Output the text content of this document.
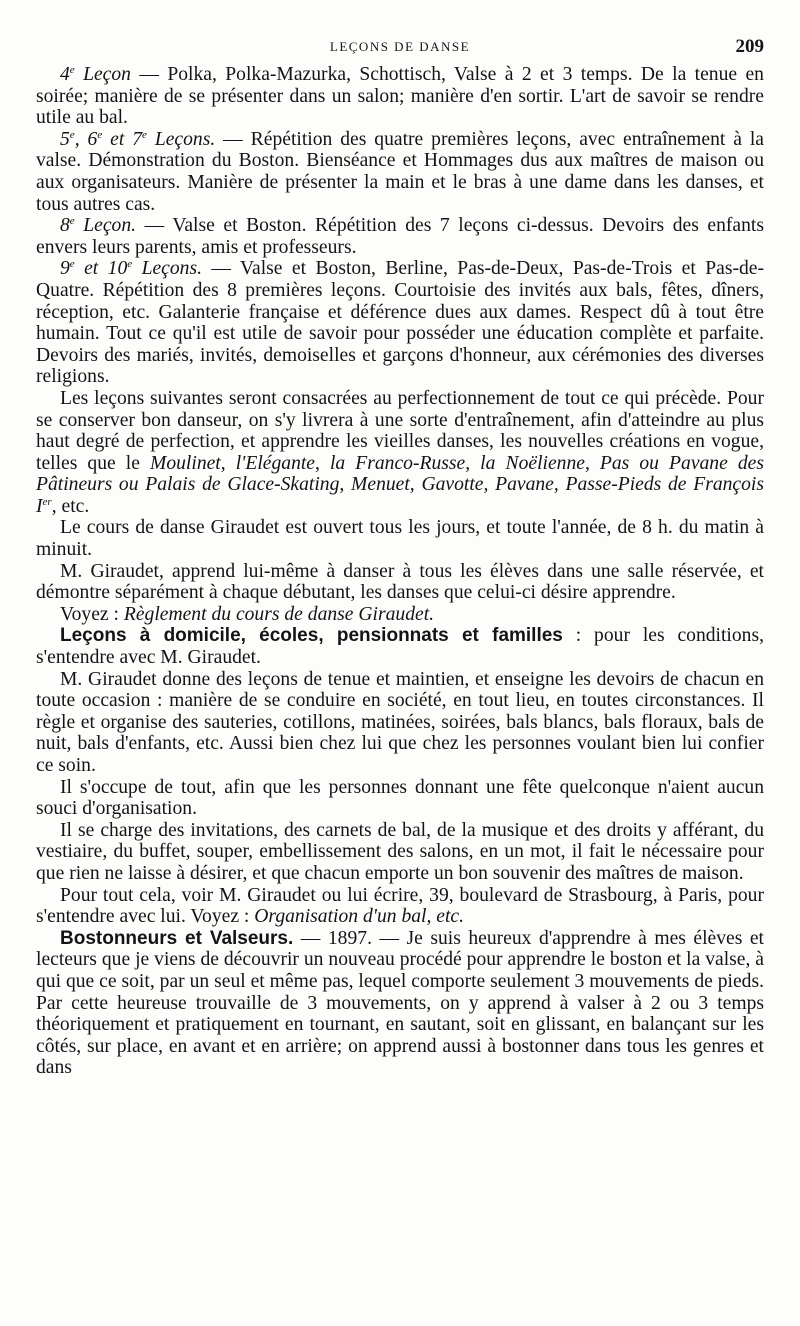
LEÇONS DE DANSE	209

4e Leçon — Polka, Polka-Mazurka, Schottisch, Valse à 2 et 3 temps. De la tenue en soirée; manière de se présenter dans un salon; manière d'en sortir. L'art de savoir se rendre utile au bal.

5e, 6e et 7e Leçons. — Répétition des quatre premières leçons, avec entraînement à la valse. Démonstration du Boston. Bienséance et Hommages dus aux maîtres de maison ou aux organisateurs. Manière de présenter la main et le bras à une dame dans les danses, et tous autres cas.

8e Leçon. — Valse et Boston. Répétition des 7 leçons ci-dessus. Devoirs des enfants envers leurs parents, amis et professeurs.

9e et 10e Leçons. — Valse et Boston, Berline, Pas-de-Deux, Pas-de-Trois et Pas-de-Quatre. Répétition des 8 premières leçons. Courtoisie des invités aux bals, fêtes, dîners, réception, etc. Galanterie française et déférence dues aux dames. Respect dû à tout être humain. Tout ce qu'il est utile de savoir pour posséder une éducation complète et parfaite. Devoirs des mariés, invités, demoiselles et garçons d'honneur, aux cérémonies des diverses religions.

Les leçons suivantes seront consacrées au perfectionnement de tout ce qui précède. Pour se conserver bon danseur, on s'y livrera à une sorte d'entraînement, afin d'atteindre au plus haut degré de perfection, et apprendre les vieilles danses, les nouvelles créations en vogue, telles que le Moulinet, l'Elégante, la Franco-Russe, la Noëlienne, Pas ou Pavane des Pâtineurs ou Palais de Glace-Skating, Menuet, Gavotte, Pavane, Passe-Pieds de François Ier, etc.

Le cours de danse Giraudet est ouvert tous les jours, et toute l'année, de 8 h. du matin à minuit.

M. Giraudet, apprend lui-même à danser à tous les élèves dans une salle réservée, et démontre séparément à chaque débutant, les danses que celui-ci désire apprendre.

Voyez : Règlement du cours de danse Giraudet.

Leçons à domicile, écoles, pensionnats et familles : pour les conditions, s'entendre avec M. Giraudet.

M. Giraudet donne des leçons de tenue et maintien, et enseigne les devoirs de chacun en toute occasion : manière de se conduire en société, en tout lieu, en toutes circonstances. Il règle et organise des sauteries, cotillons, matinées, soirées, bals blancs, bals floraux, bals de nuit, bals d'enfants, etc. Aussi bien chez lui que chez les personnes voulant bien lui confier ce soin.

Il s'occupe de tout, afin que les personnes donnant une fête quelconque n'aient aucun souci d'organisation.

Il se charge des invitations, des carnets de bal, de la musique et des droits y afférant, du vestiaire, du buffet, souper, embellissement des salons, en un mot, il fait le nécessaire pour que rien ne laisse à désirer, et que chacun emporte un bon souvenir des maîtres de maison.

Pour tout cela, voir M. Giraudet ou lui écrire, 39, boulevard de Strasbourg, à Paris, pour s'entendre avec lui. Voyez : Organisation d'un bal, etc.

Bostonneurs et Valseurs. — 1897. — Je suis heureux d'apprendre à mes élèves et lecteurs que je viens de découvrir un nouveau procédé pour apprendre le boston et la valse, à qui que ce soit, par un seul et même pas, lequel comporte seulement 3 mouvements de pieds. Par cette heureuse trouvaille de 3 mouvements, on y apprend à valser à 2 ou 3 temps théoriquement et pratiquement en tournant, en sautant, soit en glissant, en balançant sur les côtés, sur place, en avant et en arrière; on apprend aussi à bostonner dans tous les genres et dans
